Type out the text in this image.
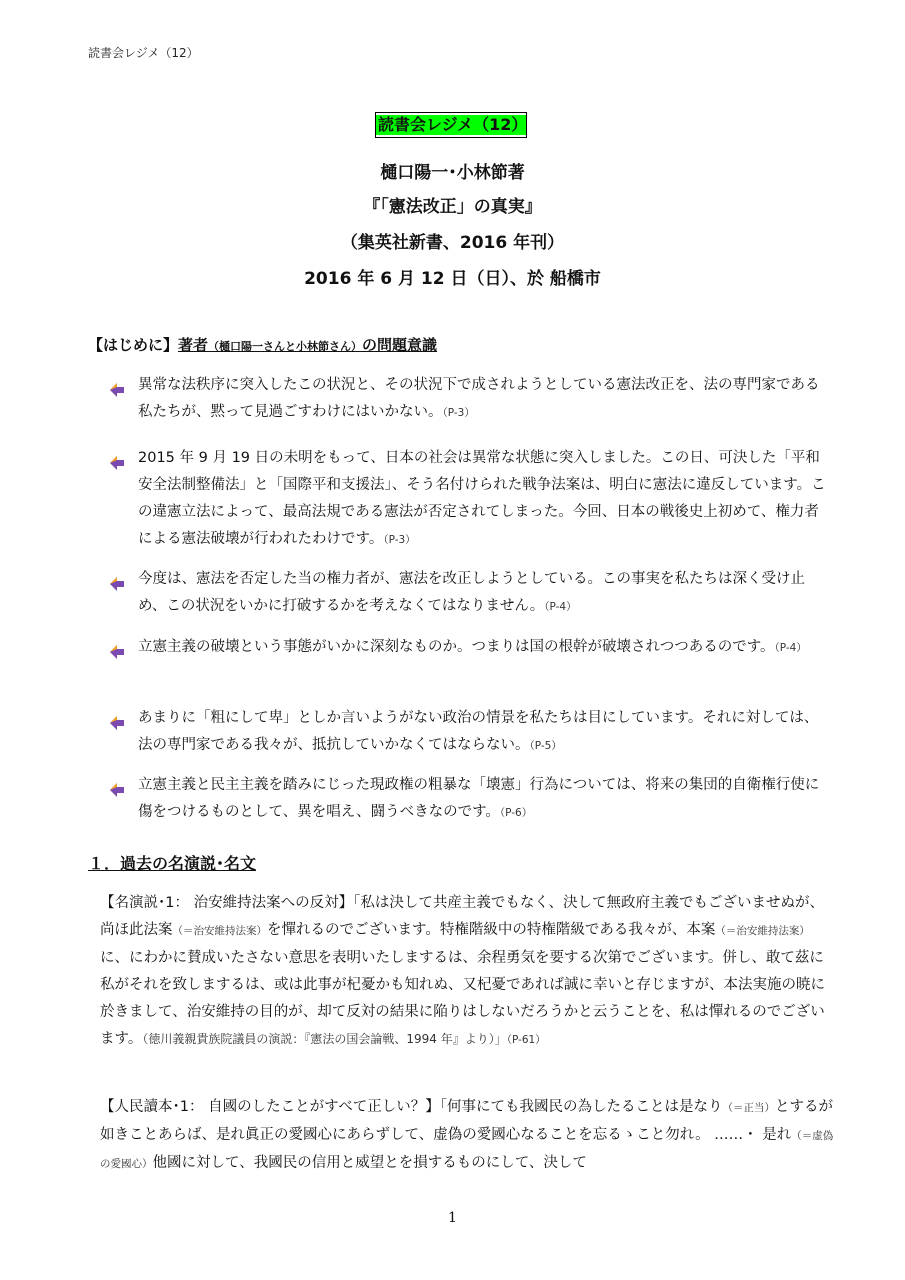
読書会レジメ（12）
読書会レジメ（12）
樋口陽一･小林節著
『「憲法改正」の真実』
（集英社新書、2016 年刊）
2016 年 6 月 12 日（日）、於 船橋市
【はじめに】著者（樋口陽一さんと小林節さん）の問題意識
異常な法秩序に突入したこの状況と、その状況下で成されようとしている憲法改正を、法の専門家である私たちが、黙って見過ごすわけにはいかない。（P-3）
2015 年 9 月 19 日の未明をもって、日本の社会は異常な状態に突入しました。この日、可決した「平和安全法制整備法」と「国際平和支援法」、そう名付けられた戦争法案は、明白に憲法に違反しています。この違憲立法によって、最高法規である憲法が否定されてしまった。今回、日本の戦後史上初めて、権力者による憲法破壊が行われたわけです。（P-3）
今度は、憲法を否定した当の権力者が、憲法を改正しようとしている。この事実を私たちは深く受け止め、この状況をいかに打破するかを考えなくてはなりません。（P-4）
立憲主義の破壊という事態がいかに深刻なものか。つまりは国の根幹が破壊されつつあるのです。（P-4）
あまりに「粗にして卑」としか言いようがない政治の情景を私たちは目にしています。それに対しては、法の専門家である我々が、抵抗していかなくてはならない。（P-5）
立憲主義と民主主義を踏みにじった現政権の粗暴な「壊憲」行為については、将来の集団的自衛権行使に傷をつけるものとして、異を唱え、闘うべきなのです。（P-6）
１．過去の名演説･名文
【名演説･1： 治安維持法案への反対】「私は決して共産主義でもなく、決して無政府主義でもございませぬが、尚ほ此法案（＝治安維持法案）を憚れるのでございます。特権階級中の特権階級である我々が、本案（＝治安維持法案）に、にわかに賛成いたさない意思を表明いたしまするは、余程勇気を要する次第でございます。併し、敢て茲に私がそれを致しまするは、或は此事が杞憂かも知れぬ、又杞憂であれば誠に幸いと存じますが、本法実施の暁に於きまして、治安維持の目的が、却て反対の結果に陥りはしないだろうかと云うことを、私は憚れるのでございます。（徳川義親貴族院議員の演説：『憲法の国会論戦、1994 年』より）」（P-61）
【人民讀本･1： 自國のしたことがすべて正しい？】「何事にても我國民の為したることは是なり（＝正当）とするが如きことあらば、是れ眞正の愛國心にあらずして、虚偽の愛國心なることを忘るゝこと勿れ。 ……・ 是れ（＝虚偽の愛國心）他國に対して、我國民の信用と威望とを損するものにして、決して
1
